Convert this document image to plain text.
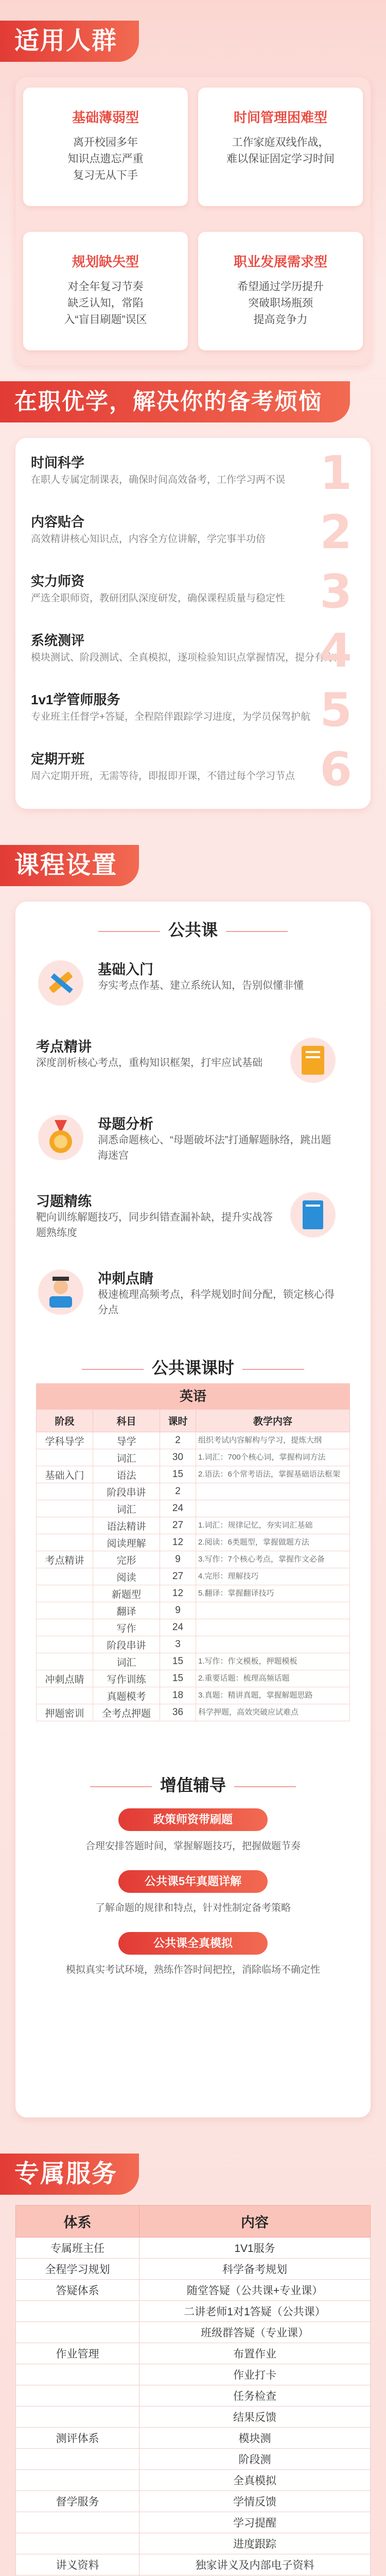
适用人群
基础薄弱型
离开校园多年
知识点遗忘严重
复习无从下手
时间管理困难型
工作家庭双线作战，
难以保证固定学习时间
规划缺失型
对全年复习节奏
缺乏认知，常陷
入“盲目刷题”误区
职业发展需求型
希望通过学历提升
突破职场瓶颈
提高竞争力
在职优学，解决你的备考烦恼
时间科学
在职人专属定制课表，确保时间高效备考，工作学习两不误 1
内容贴合
高效精讲核心知识点，内容全方位讲解，学完事半功倍 2
实力师资
严选全职师资，教研团队深度研发，确保课程质量与稳定性 3
系统测评
模块测试、阶段测试、全真模拟，逐项检验知识点掌握情况，提分有方向
4
1v1学管师服务
专业班主任督学+答疑，全程陪伴跟踪学习进度，为学员保驾护航 5
定期开班
周六定期开班，无需等待，即报即开课，不错过每个学习节点 6
课程设置
公共课
基础入门
夯实考点作基、建立系统认知，告别似懂非懂
考点精讲
深度剖析核心考点，重构知识框架，打牢应试基础
母题分析
洞悉命题核心、“母题破坏法”打通解题脉络，跳出题海迷宫
习题精练
靶向训练解题技巧，同步纠错查漏补缺，提升实战答题熟练度
冲刺点睛
极速梳理高频考点，科学规划时间分配，锁定核心得分点
公共课课时
英语
阶段	科目	课时	教学内容
学科导学	导学	2	组织考试内容解构与学习，提炼大纲
	词汇	30	1.词汇：700个核心词，掌握构词方法
基础入门	语法	15	2.语法：6个常考语法，掌握基础语法框架
	阶段串讲	2	
	词汇	24	
	语法精讲	27	1.词汇：规律记忆，夯实词汇基础
	阅读理解	12	2.阅读：6类题型，掌握做题方法
考点精讲	完形	9	3.写作：7个核心考点，掌握作文必备
	阅读	27	4.完形：理解技巧
	新题型	12	5.翻译：掌握翻译技巧
	翻译	9	
	写作	24	
	阶段串讲	3	
	词汇	15	1.写作：作文模板，押题模板
冲刺点睛	写作训练	15	2.重要话题：梳理高频话题
	真题模考	18	3.真题：精讲真题，掌握解题思路
押题密训	全考点押题	36	科学押题，高效突破应试难点
增值辅导
政策师资带刷题
合理安排答题时间，掌握解题技巧，把握做题节奏
公共课5年真题详解
了解命题的规律和特点，针对性制定备考策略
公共课全真模拟
模拟真实考试环境，熟练作答时间把控，消除临场不确定性
专属服务
体系	内容
专属班主任	1V1服务
全程学习规划	科学备考规划
答疑体系	随堂答疑（公共课+专业课）
	二讲老师1对1答疑（公共课）
	班级群答疑（专业课）
作业管理	布置作业
	作业打卡
	任务检查
	结果反馈
测评体系	模块测
	阶段测
	全真模拟
督学服务	学情反馈
	学习提醒
	进度跟踪
讲义资料	独家讲义及内部电子资料
